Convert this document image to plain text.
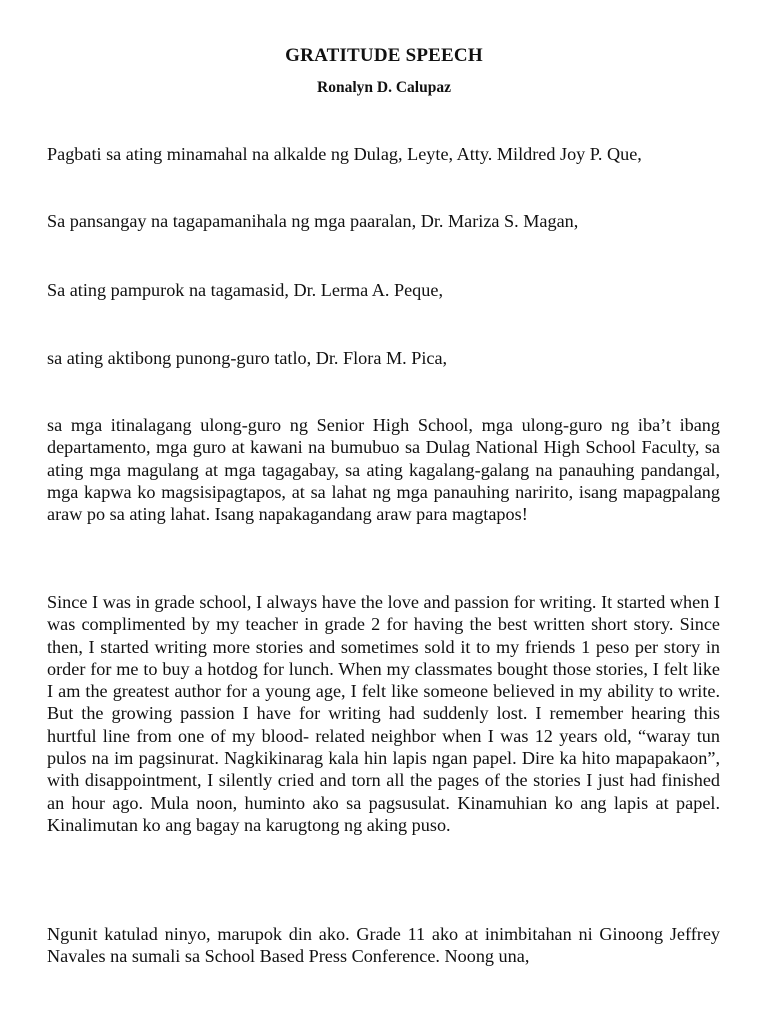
GRATITUDE SPEECH

Ronalyn D. Calupaz

Pagbati sa ating minamahal na alkalde ng Dulag, Leyte, Atty. Mildred Joy P. Que,

Sa pansangay na tagapamanihala ng mga paaralan, Dr. Mariza S. Magan,

Sa ating pampurok na tagamasid, Dr. Lerma A. Peque,

sa ating aktibong punong-guro tatlo, Dr. Flora M. Pica,

sa mga itinalagang ulong-guro ng Senior High School, mga ulong-guro ng iba’t ibang departamento, mga guro at kawani na bumubuo sa Dulag National High School Faculty, sa ating mga magulang at mga tagagabay, sa ating kagalang-galang na panauhing pandangal, mga kapwa ko magsisipagtapos, at sa lahat ng mga panauhing naririto, isang mapagpalang araw po sa ating lahat. Isang napakagandang araw para magtapos!

Since I was in grade school, I always have the love and passion for writing. It started when I was complimented by my teacher in grade 2 for having the best written short story. Since then, I started writing more stories and sometimes sold it to my friends 1 peso per story in order for me to buy a hotdog for lunch. When my classmates bought those stories, I felt like I am the greatest author for a young age, I felt like someone believed in my ability to write. But the growing passion I have for writing had suddenly lost. I remember hearing this hurtful line from one of my blood- related neighbor when I was 12 years old, “waray tun pulos na im pagsinurat. Nagkikinarag kala hin lapis ngan papel. Dire ka hito mapapakaon”, with disappointment, I silently cried and torn all the pages of the stories I just had finished an hour ago. Mula noon, huminto ako sa pagsusulat. Kinamuhian ko ang lapis at papel. Kinalimutan ko ang bagay na karugtong ng aking puso.

Ngunit katulad ninyo, marupok din ako. Grade 11 ako at inimbitahan ni Ginoong Jeffrey Navales na sumali sa School Based Press Conference. Noong una,
